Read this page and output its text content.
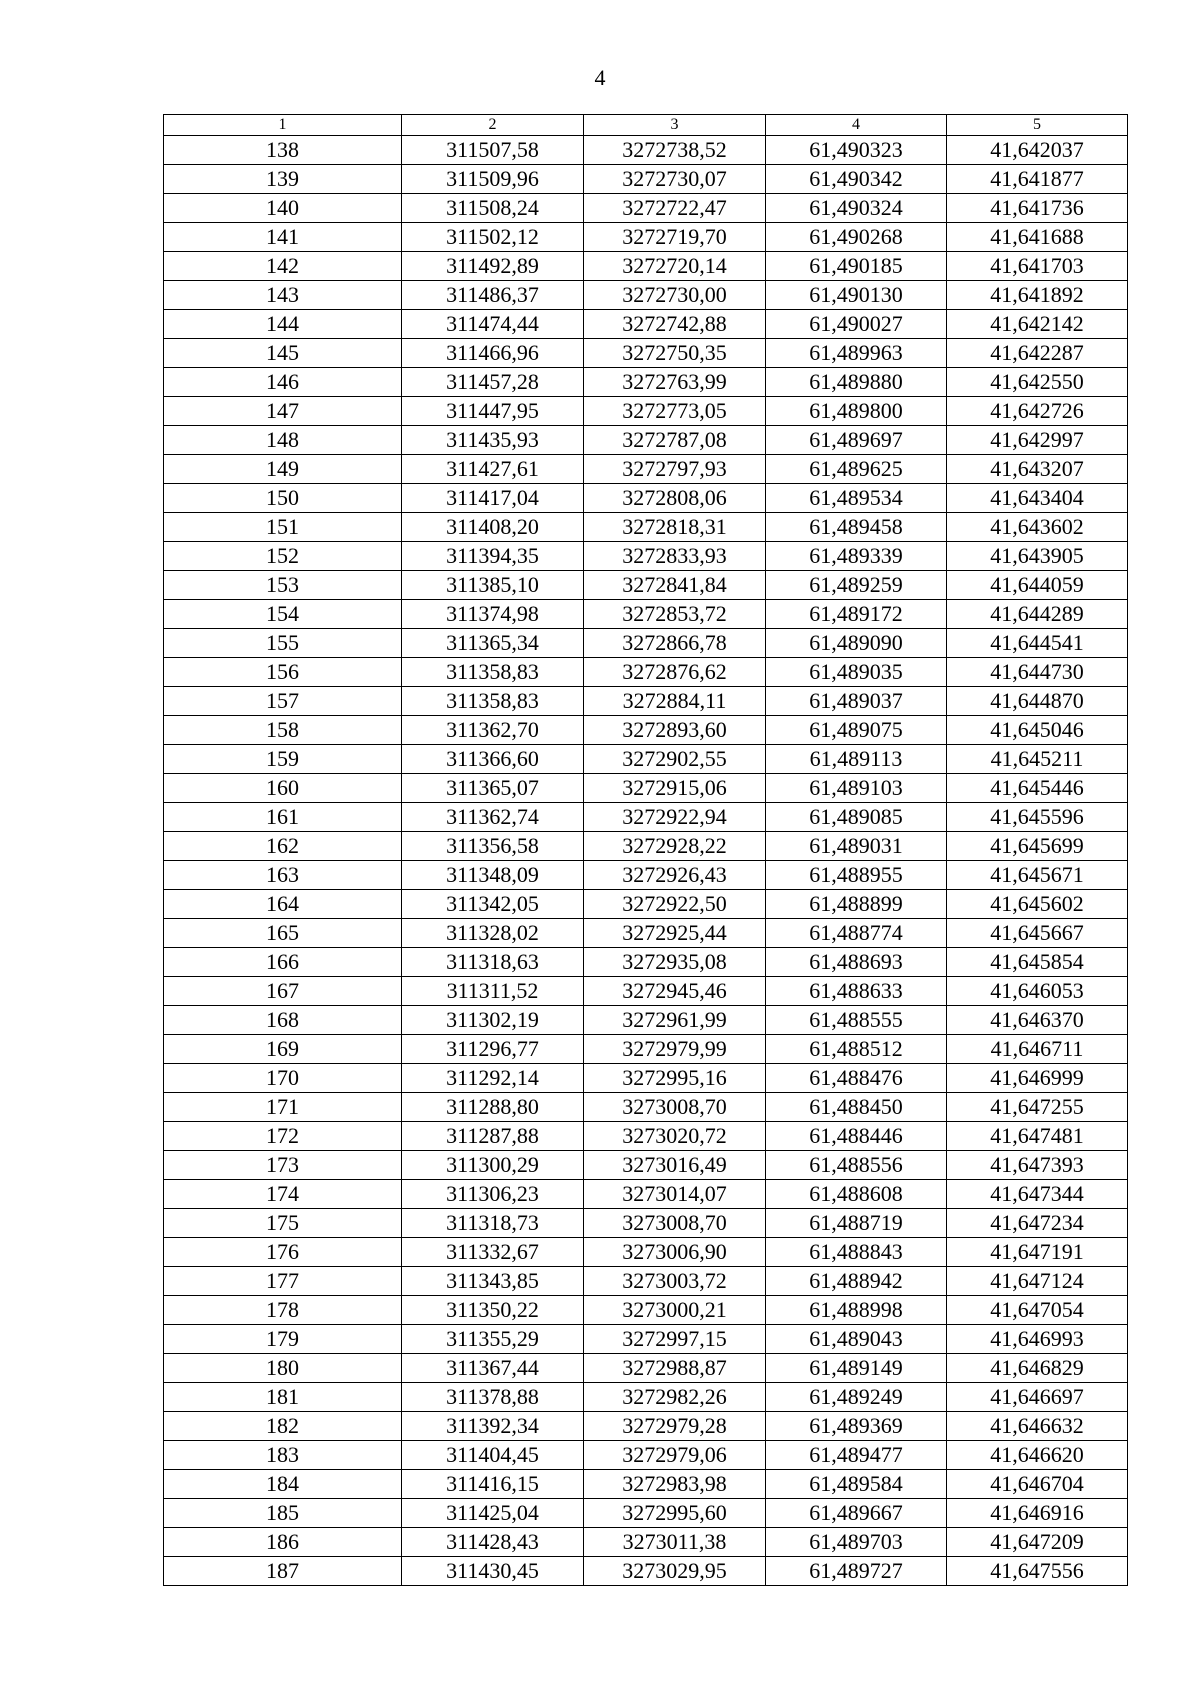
4
1	2	3	4	5
138	311507,58	3272738,52	61,490323	41,642037
139	311509,96	3272730,07	61,490342	41,641877
140	311508,24	3272722,47	61,490324	41,641736
141	311502,12	3272719,70	61,490268	41,641688
142	311492,89	3272720,14	61,490185	41,641703
143	311486,37	3272730,00	61,490130	41,641892
144	311474,44	3272742,88	61,490027	41,642142
145	311466,96	3272750,35	61,489963	41,642287
146	311457,28	3272763,99	61,489880	41,642550
147	311447,95	3272773,05	61,489800	41,642726
148	311435,93	3272787,08	61,489697	41,642997
149	311427,61	3272797,93	61,489625	41,643207
150	311417,04	3272808,06	61,489534	41,643404
151	311408,20	3272818,31	61,489458	41,643602
152	311394,35	3272833,93	61,489339	41,643905
153	311385,10	3272841,84	61,489259	41,644059
154	311374,98	3272853,72	61,489172	41,644289
155	311365,34	3272866,78	61,489090	41,644541
156	311358,83	3272876,62	61,489035	41,644730
157	311358,83	3272884,11	61,489037	41,644870
158	311362,70	3272893,60	61,489075	41,645046
159	311366,60	3272902,55	61,489113	41,645211
160	311365,07	3272915,06	61,489103	41,645446
161	311362,74	3272922,94	61,489085	41,645596
162	311356,58	3272928,22	61,489031	41,645699
163	311348,09	3272926,43	61,488955	41,645671
164	311342,05	3272922,50	61,488899	41,645602
165	311328,02	3272925,44	61,488774	41,645667
166	311318,63	3272935,08	61,488693	41,645854
167	311311,52	3272945,46	61,488633	41,646053
168	311302,19	3272961,99	61,488555	41,646370
169	311296,77	3272979,99	61,488512	41,646711
170	311292,14	3272995,16	61,488476	41,646999
171	311288,80	3273008,70	61,488450	41,647255
172	311287,88	3273020,72	61,488446	41,647481
173	311300,29	3273016,49	61,488556	41,647393
174	311306,23	3273014,07	61,488608	41,647344
175	311318,73	3273008,70	61,488719	41,647234
176	311332,67	3273006,90	61,488843	41,647191
177	311343,85	3273003,72	61,488942	41,647124
178	311350,22	3273000,21	61,488998	41,647054
179	311355,29	3272997,15	61,489043	41,646993
180	311367,44	3272988,87	61,489149	41,646829
181	311378,88	3272982,26	61,489249	41,646697
182	311392,34	3272979,28	61,489369	41,646632
183	311404,45	3272979,06	61,489477	41,646620
184	311416,15	3272983,98	61,489584	41,646704
185	311425,04	3272995,60	61,489667	41,646916
186	311428,43	3273011,38	61,489703	41,647209
187	311430,45	3273029,95	61,489727	41,647556
